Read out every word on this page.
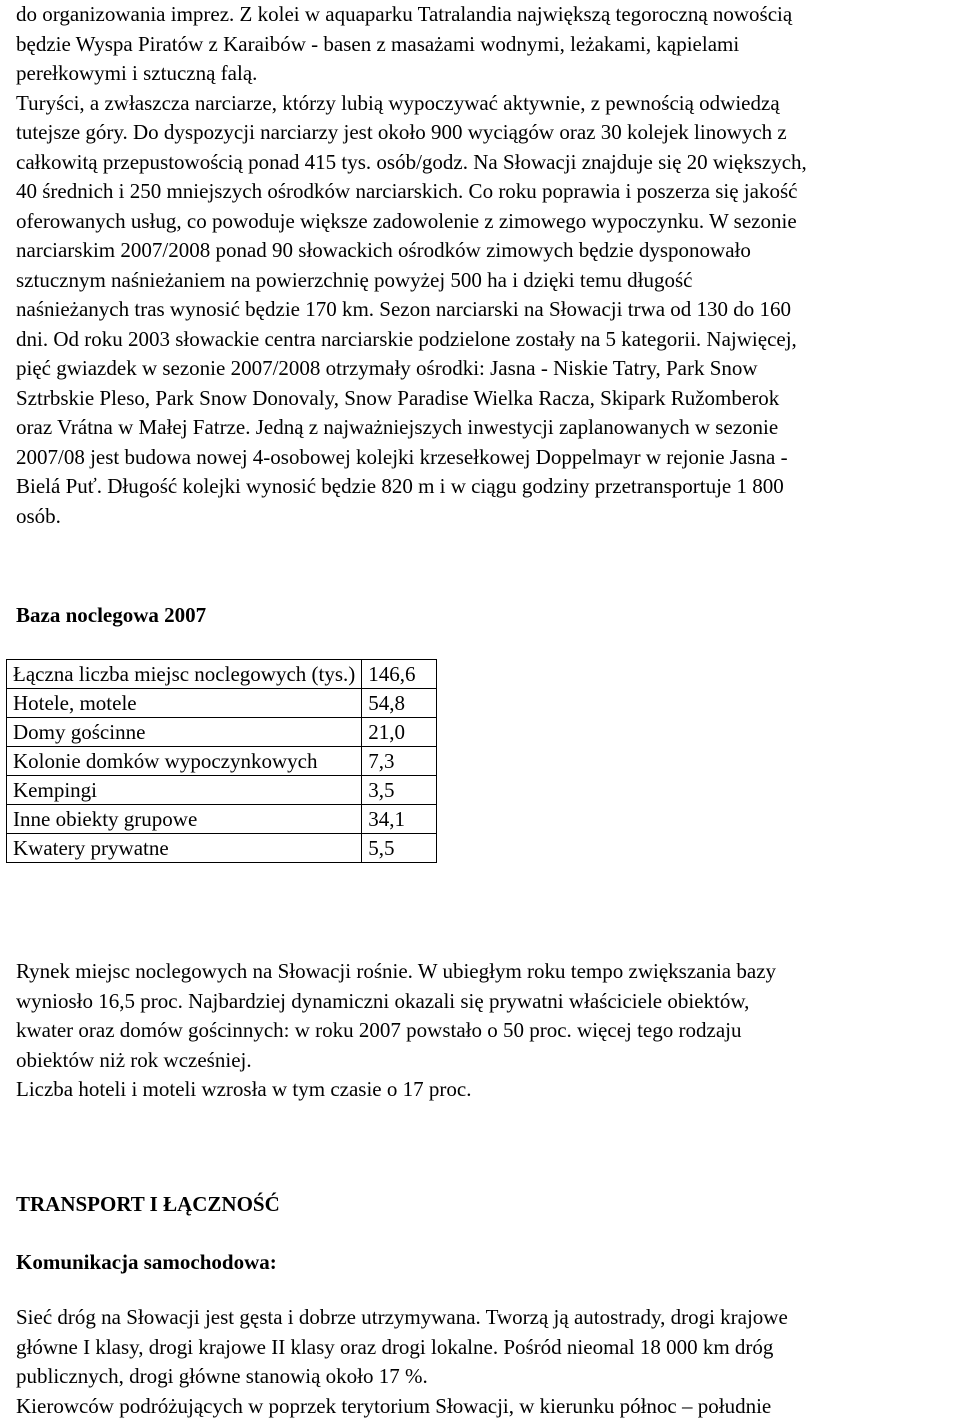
do organizowania imprez. Z kolei w aquaparku Tatralandia największą tegoroczną nowością
będzie Wyspa Piratów z Karaibów - basen z masażami wodnymi, leżakami, kąpielami
perełkowymi i sztuczną falą.
Turyści, a zwłaszcza narciarze, którzy lubią wypoczywać aktywnie, z pewnością odwiedzą
tutejsze góry. Do dyspozycji narciarzy jest około 900 wyciągów oraz 30 kolejek linowych z
całkowitą przepustowością ponad 415 tys. osób/godz. Na Słowacji znajduje się 20 większych,
40 średnich i 250 mniejszych ośrodków narciarskich. Co roku poprawia i poszerza się jakość
oferowanych usług, co powoduje większe zadowolenie z zimowego wypoczynku. W sezonie
narciarskim 2007/2008 ponad 90 słowackich ośrodków zimowych będzie dysponowało
sztucznym naśnieżaniem na powierzchnię powyżej 500 ha i dzięki temu długość
naśnieżanych tras wynosić będzie 170 km. Sezon narciarski na Słowacji trwa od 130 do 160
dni. Od roku 2003 słowackie centra narciarskie podzielone zostały na 5 kategorii. Najwięcej,
pięć gwiazdek w sezonie 2007/2008 otrzymały ośrodki: Jasna - Niskie Tatry, Park Snow
Sztrbskie Pleso, Park Snow Donovaly, Snow Paradise Wielka Racza, Skipark Ružomberok
oraz Vrátna w Małej Fatrze. Jedną z najważniejszych inwestycji zaplanowanych w sezonie
2007/08 jest budowa nowej 4-osobowej kolejki krzesełkowej Doppelmayr w rejonie Jasna -
Bielá Puť. Długość kolejki wynosić będzie 820 m i w ciągu godziny przetransportuje 1 800
osób.
Baza noclegowa 2007
Łączna liczba miejsc noclegowych (tys.)	146,6
Hotele, motele	54,8
Domy gościnne	21,0
Kolonie domków wypoczynkowych	7,3
Kempingi	3,5
Inne obiekty grupowe	34,1
Kwatery prywatne	5,5
Rynek miejsc noclegowych na Słowacji rośnie. W ubiegłym roku tempo zwiększania bazy
wyniosło 16,5 proc. Najbardziej dynamiczni okazali się prywatni właściciele obiektów,
kwater oraz domów gościnnych: w roku 2007 powstało o 50 proc. więcej tego rodzaju
obiektów niż rok wcześniej.
Liczba hoteli i moteli wzrosła w tym czasie o 17 proc.
TRANSPORT I ŁĄCZNOŚĆ
Komunikacja samochodowa:
Sieć dróg na Słowacji jest gęsta i dobrze utrzymywana. Tworzą ją autostrady, drogi krajowe
główne I klasy, drogi krajowe II klasy oraz drogi lokalne. Pośród nieomal 18 000 km dróg
publicznych, drogi główne stanowią około 17 %.
Kierowców podróżujących w poprzek terytorium Słowacji, w kierunku północ – południe
